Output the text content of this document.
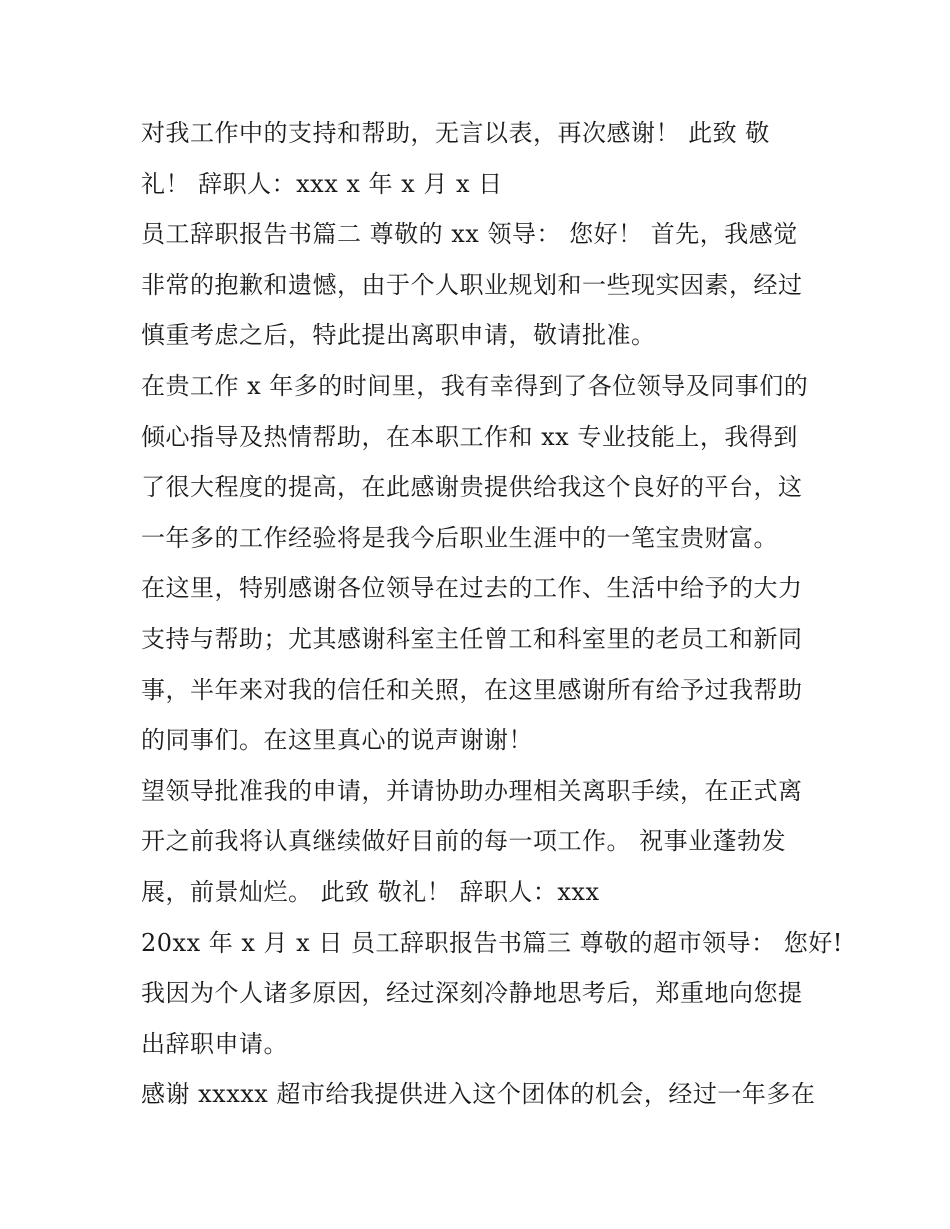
对我工作中的支持和帮助，无言以表，再次感谢！ 此致 敬
礼！ 辞职人：xxx x 年 x 月 x 日
员工辞职报告书篇二 尊敬的 xx 领导： 您好！ 首先，我感觉
非常的抱歉和遗憾，由于个人职业规划和一些现实因素，经过
慎重考虑之后，特此提出离职申请，敬请批准。
在贵工作 x 年多的时间里，我有幸得到了各位领导及同事们的
倾心指导及热情帮助，在本职工作和 xx 专业技能上，我得到
了很大程度的提高，在此感谢贵提供给我这个良好的平台，这
一年多的工作经验将是我今后职业生涯中的一笔宝贵财富。
在这里，特别感谢各位领导在过去的工作、生活中给予的大力
支持与帮助；尤其感谢科室主任曾工和科室里的老员工和新同
事，半年来对我的信任和关照，在这里感谢所有给予过我帮助
的同事们。在这里真心的说声谢谢！
望领导批准我的申请，并请协助办理相关离职手续，在正式离
开之前我将认真继续做好目前的每一项工作。 祝事业蓬勃发
展，前景灿烂。 此致 敬礼！ 辞职人：xxx
20xx 年 x 月 x 日 员工辞职报告书篇三 尊敬的超市领导： 您好!
我因为个人诸多原因，经过深刻冷静地思考后，郑重地向您提
出辞职申请。
感谢 xxxxx 超市给我提供进入这个团体的机会，经过一年多在
